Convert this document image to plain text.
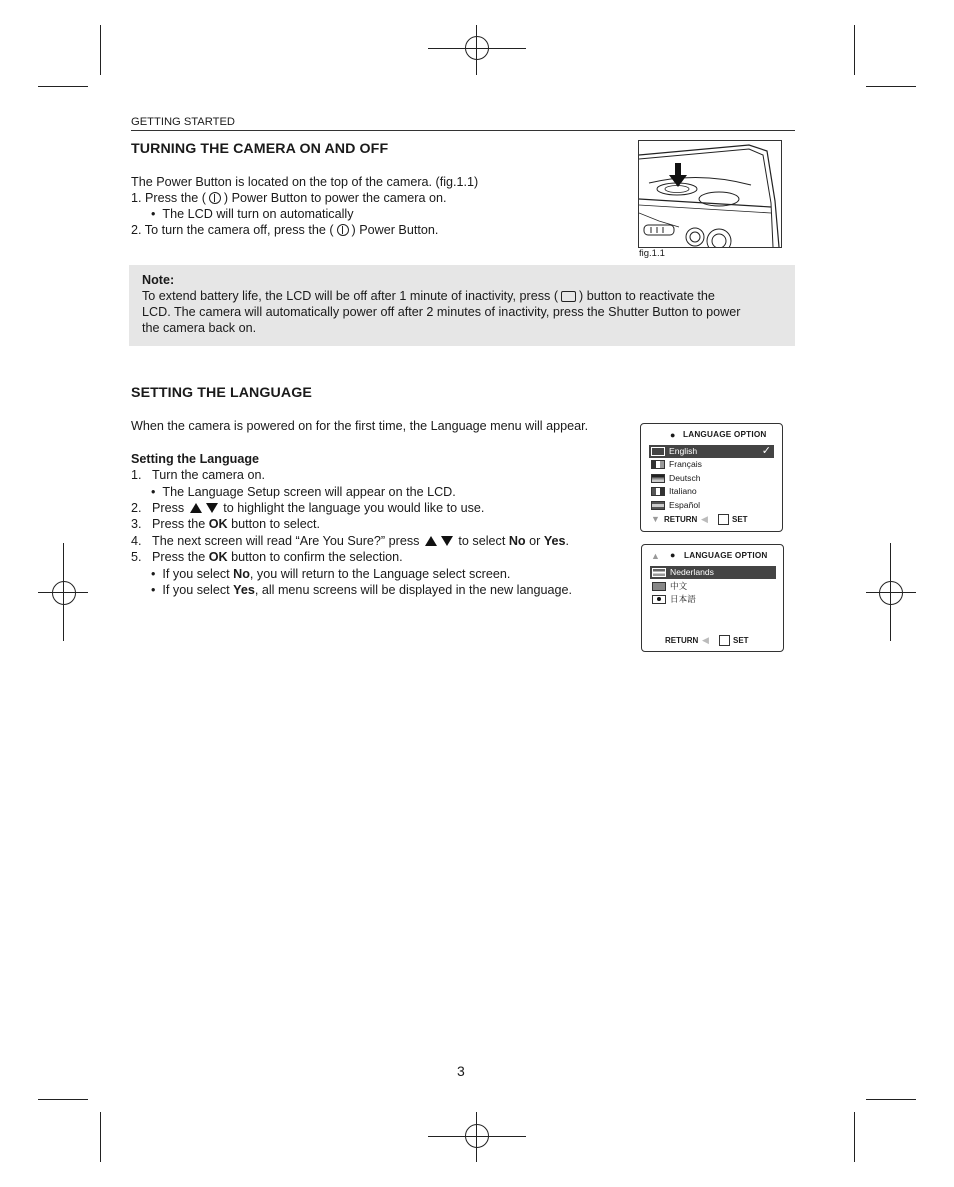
GETTING STARTED
TURNING THE CAMERA ON AND OFF
The Power Button is located on the top of the camera. (fig.1.1)
1. Press the ( ) Power Button to power the camera on.
•  The LCD will turn on automatically
2. To turn the camera off, press the ( ) Power Button.
fig.1.1
Note:
To extend battery life, the LCD will be off after 1 minute of inactivity, press ( ) button to reactivate the
LCD. The camera will automatically power off after 2 minutes of inactivity, press the Shutter Button to power
the camera back on.
SETTING THE LANGUAGE
When the camera is powered on for the first time, the Language menu will appear.
Setting the Language
1. Turn the camera on.
•  The Language Setup screen will appear on the LCD.
2. Press	to highlight the language you would like to use.
3. Press the OK button to select.
4. The next screen will read “Are You Sure?” press	to select No or Yes.
5. Press the OK button to confirm the selection.
•  If you select No, you will return to the Language select screen.
•  If you select Yes, all menu screens will be displayed in the new language.
● LANGUAGE OPTION
English	✓
Français
Deutsch
Italiano
Español
▼ RETURN ◀	SET
▲ ● LANGUAGE OPTION
Nederlands
中文
日本語
RETURN ◀	SET
3
